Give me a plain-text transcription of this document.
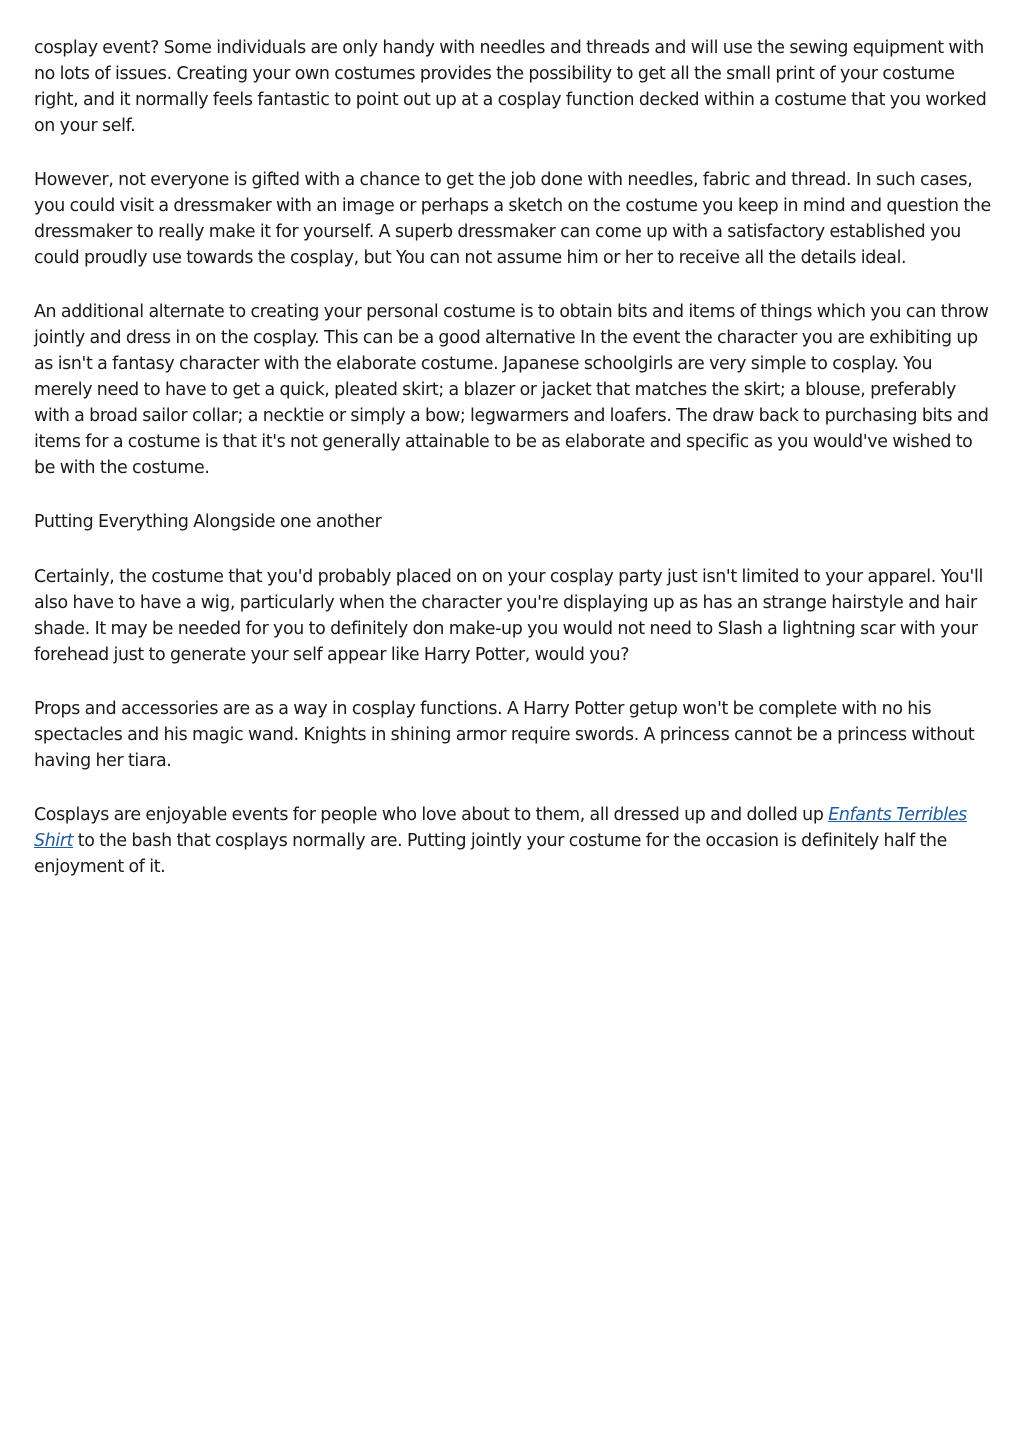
cosplay event? Some individuals are only handy with needles and threads and will use the sewing equipment with no lots of issues. Creating your own costumes provides the possibility to get all the small print of your costume right, and it normally feels fantastic to point out up at a cosplay function decked within a costume that you worked on your self.

However, not everyone is gifted with a chance to get the job done with needles, fabric and thread. In such cases, you could visit a dressmaker with an image or perhaps a sketch on the costume you keep in mind and question the dressmaker to really make it for yourself. A superb dressmaker can come up with a satisfactory established you could proudly use towards the cosplay, but You can not assume him or her to receive all the details ideal.

An additional alternate to creating your personal costume is to obtain bits and items of things which you can throw jointly and dress in on the cosplay. This can be a good alternative In the event the character you are exhibiting up as isn't a fantasy character with the elaborate costume. Japanese schoolgirls are very simple to cosplay. You merely need to have to get a quick, pleated skirt; a blazer or jacket that matches the skirt; a blouse, preferably with a broad sailor collar; a necktie or simply a bow; legwarmers and loafers. The draw back to purchasing bits and items for a costume is that it's not generally attainable to be as elaborate and specific as you would've wished to be with the costume.

Putting Everything Alongside one another

Certainly, the costume that you'd probably placed on on your cosplay party just isn't limited to your apparel. You'll also have to have a wig, particularly when the character you're displaying up as has an strange hairstyle and hair shade. It may be needed for you to definitely don make-up you would not need to Slash a lightning scar with your forehead just to generate your self appear like Harry Potter, would you?

Props and accessories are as a way in cosplay functions. A Harry Potter getup won't be complete with no his spectacles and his magic wand. Knights in shining armor require swords. A princess cannot be a princess without having her tiara.

Cosplays are enjoyable events for people who love about to them, all dressed up and dolled up Enfants Terribles Shirt to the bash that cosplays normally are. Putting jointly your costume for the occasion is definitely half the enjoyment of it.
